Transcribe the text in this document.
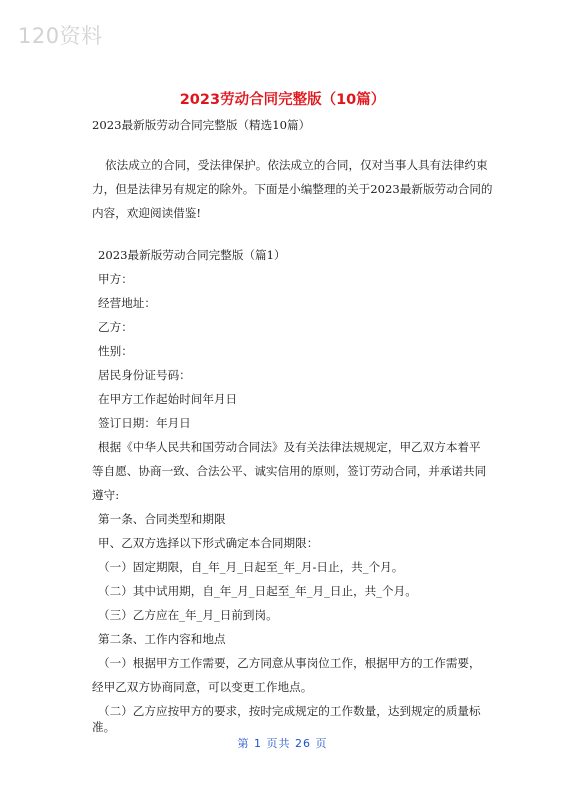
120资料
2023劳动合同完整版（10篇）
2023最新版劳动合同完整版（精选10篇）
依法成立的合同，受法律保护。依法成立的合同，仅对当事人具有法律约束
力，但是法律另有规定的除外。下面是小编整理的关于2023最新版劳动合同的
内容，欢迎阅读借鉴!
2023最新版劳动合同完整版（篇1）
甲方：
经营地址：
乙方：
性别：
居民身份证号码：
在甲方工作起始时间年月日
签订日期：年月日
根据《中华人民共和国劳动合同法》及有关法律法规规定，甲乙双方本着平
等自愿、协商一致、合法公平、诚实信用的原则，签订劳动合同，并承诺共同
遵守:
第一条、合同类型和期限
甲、乙双方选择以下形式确定本合同期限：
（一）固定期限，自_年_月_日起至_年_月-日止，共_个月。
（二）其中试用期，自_年_月_日起至_年_月_日止，共_个月。
（三）乙方应在_年_月_日前到岗。
第二条、工作内容和地点
（一）根据甲方工作需要，乙方同意从事岗位工作，根据甲方的工作需要，
经甲乙双方协商同意，可以变更工作地点。
（二）乙方应按甲方的要求，按时完成规定的工作数量，达到规定的质量标
第 1 页共 26 页
准。
